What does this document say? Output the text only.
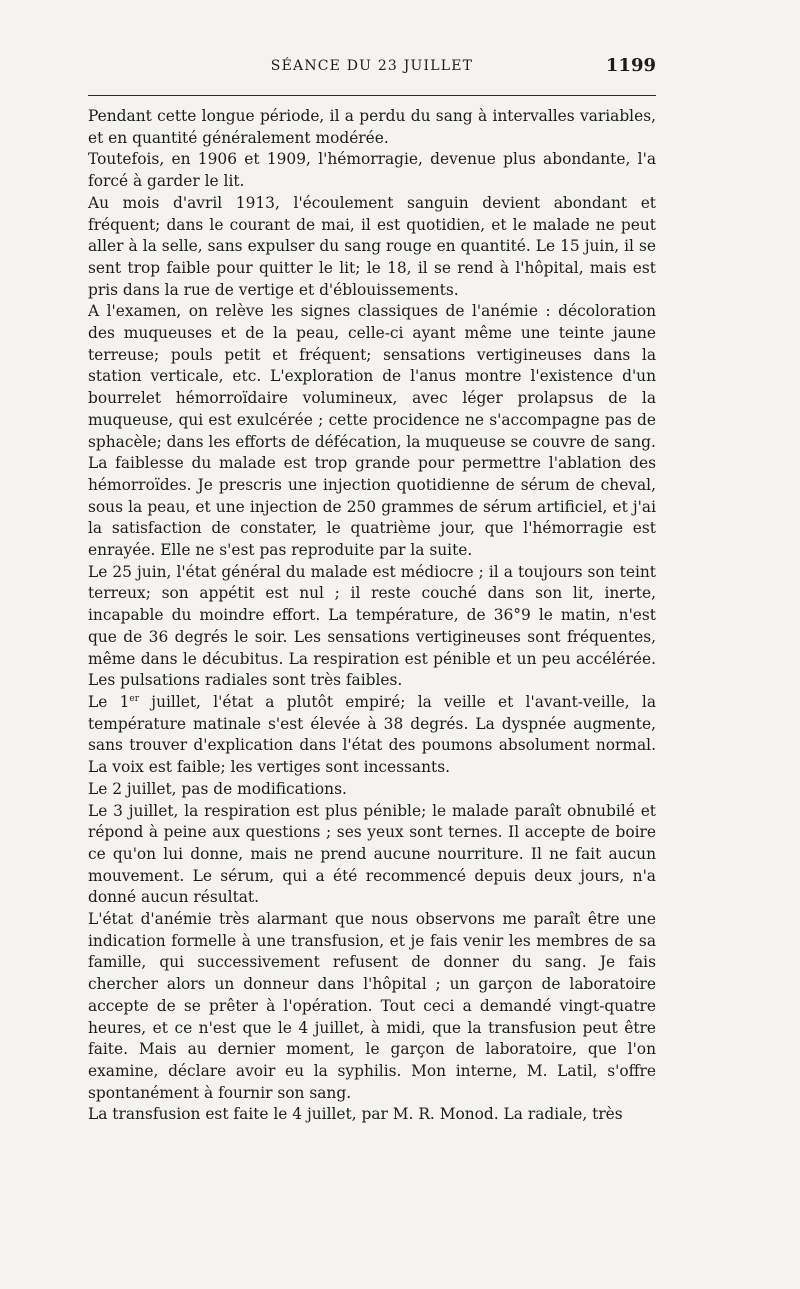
SÉANCE DU 23 JUILLET	1199

Pendant cette longue période, il a perdu du sang à intervalles variables, et en quantité généralement modérée.

Toutefois, en 1906 et 1909, l'hémorragie, devenue plus abondante, l'a forcé à garder le lit.

Au mois d'avril 1913, l'écoulement sanguin devient abondant et fréquent; dans le courant de mai, il est quotidien, et le malade ne peut aller à la selle, sans expulser du sang rouge en quantité. Le 15 juin, il se sent trop faible pour quitter le lit; le 18, il se rend à l'hôpital, mais est pris dans la rue de vertige et d'éblouissements.

A l'examen, on relève les signes classiques de l'anémie : décoloration des muqueuses et de la peau, celle-ci ayant même une teinte jaune terreuse; pouls petit et fréquent; sensations vertigineuses dans la station verticale, etc. L'exploration de l'anus montre l'existence d'un bourrelet hémorroïdaire volumineux, avec léger prolapsus de la muqueuse, qui est exulcérée ; cette procidence ne s'accompagne pas de sphacèle; dans les efforts de défécation, la muqueuse se couvre de sang.

La faiblesse du malade est trop grande pour permettre l'ablation des hémorroïdes. Je prescris une injection quotidienne de sérum de cheval, sous la peau, et une injection de 250 grammes de sérum artificiel, et j'ai la satisfaction de constater, le quatrième jour, que l'hémorragie est enrayée. Elle ne s'est pas reproduite par la suite.

Le 25 juin, l'état général du malade est médiocre ; il a toujours son teint terreux; son appétit est nul ; il reste couché dans son lit, inerte, incapable du moindre effort. La température, de 36°9 le matin, n'est que de 36 degrés le soir. Les sensations vertigineuses sont fréquentes, même dans le décubitus. La respiration est pénible et un peu accélérée. Les pulsations radiales sont très faibles.

Le 1er juillet, l'état a plutôt empiré; la veille et l'avant-veille, la température matinale s'est élevée à 38 degrés. La dyspnée augmente, sans trouver d'explication dans l'état des poumons absolument normal. La voix est faible; les vertiges sont incessants.

Le 2 juillet, pas de modifications.

Le 3 juillet, la respiration est plus pénible; le malade paraît obnubilé et répond à peine aux questions ; ses yeux sont ternes. Il accepte de boire ce qu'on lui donne, mais ne prend aucune nourriture. Il ne fait aucun mouvement. Le sérum, qui a été recommencé depuis deux jours, n'a donné aucun résultat.

L'état d'anémie très alarmant que nous observons me paraît être une indication formelle à une transfusion, et je fais venir les membres de sa famille, qui successivement refusent de donner du sang. Je fais chercher alors un donneur dans l'hôpital ; un garçon de laboratoire accepte de se prêter à l'opération. Tout ceci a demandé vingt-quatre heures, et ce n'est que le 4 juillet, à midi, que la transfusion peut être faite. Mais au dernier moment, le garçon de laboratoire, que l'on examine, déclare avoir eu la syphilis. Mon interne, M. Latil, s'offre spontanément à fournir son sang.

La transfusion est faite le 4 juillet, par M. R. Monod. La radiale, très
